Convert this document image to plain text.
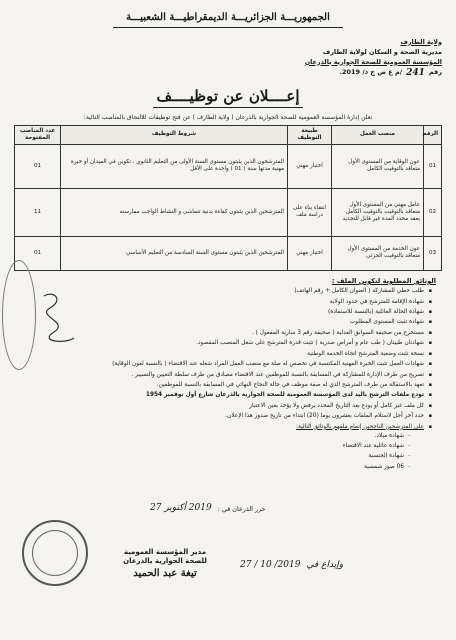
الجمهوريـــة الجزائريـــة الديمقراطيـــة الشعبيـــة
ولاية الطارف
مديرية الصحة و السكان لولاية الطارف
المؤسسة العمومية للصحة الجوارية بالذرعان
رقم
241
/م ع ص ج ذ/ 2019.
إعــــلان عن توظيــــف
تعلن إدارة المؤسسة العمومية للصحة الجوارية بالذرعان ( ولاية الطارف ) عن فتح توظيفات للالتحاق بالمناصب التالية:
الرقم	منصب العمل	طبيعة التوظيف	شروط التوظيف	عدد المناصب المفتوحة
01	عون الوقاية من المستوى الأول متعاقد بالتوقيت الكامل	اختبار مهني	المترشحون الذين يثبتون مستوى السنة الأولى من التعليم الثانوي ، تكوين في الميدان أو خبرة مهنية مدتها سنة ( 01 ) واحدة على الأقل	01
02	عامل مهني من المستوى الأول متعاقد بالتوقيت بالتوقيت الكامل بعقد محدد المدة غير قابل للتجديد	انتقاء بناء على دراسة ملف	المترشحين الذين يثبتون كفاءة بدنية تتماشى و النشاط الواجب ممارسته	11
03	عون الخدمة من المستوى الأول متعاقد بالتوقيت الجزئي	اختبار مهني	المترشحين الذين يثبتون مستوى السنة السادسة من التعليم الأساسي	01
الوثائق المطلوبة لتكوين الملف :
▪ طلب خطي للمشاركة ( العنوان الكامل + رقم الهاتف)
▪ شهادة الإقامة للمترشح في حدود الولاية
▪ شهادة الحالة العائلية (بالنسبة للاستفادة)
▪ شهادة تثبت المستوى المطلوب
▪ مستخرج من صحيفة السوابق العدلية ( صحيفة رقم 3 سارية المفعول ) .
▪ شهادتان طبيتان ( طب عام و أمراض صدرية ) تثبت قدرة المترشح على شغل المنصب المقصود.
▪ نسخة تثبت وضعية المترشح اتجاه الخدمة الوطنية
▪ شهادات العمل تثبت الخبرة المهنية المكتسبة في تخصص له صلة مع منصب العمل المراد شغله عند الاقتضاء ( بالنسبة لعون الوقاية)
▪ تصريح من طرف الإدارة للمشاركة في المسابقة بالنسبة للموظفين عند الاقتضاء مصادق من طرف سلطة التعيين والتسيير .
▪ تعهد بالاستقالة من طرف المترشح الذي له صفة موظف في حالة النجاح النهائي في المسابقة بالنسبة للموظفين.
▪ تودع ملفات الترشح باليد لدى المؤسسة العمومية للصحة الجوارية بالذرعان شارع أول نوفمبر 1954
▪ كل ملف غير كامل أو يودع بعد التاريخ المحدد يرفض ولا يؤخذ بعين الاعتبار
▪ حدد آخر أجل لاستلام الملفات بعشرون يوما (20) ابتداء من تاريخ صدور هذا الإعلان.
▪ على المترشحين الناجحين إتمام ملفهم بالوثائق التالية:
- شهادة ميلاد.
- شهادة عائلية عند الاقتضاء
- شهادة الجنسية
- 06 صور شمسية
حرر الذرعان في :
2019 أكتوبر 27
مدير المؤسسة العمومية
للصحة الجوارية بالذرعان
تيغة عبد الحميد
وإيداع في
2019/ 10 / 27
